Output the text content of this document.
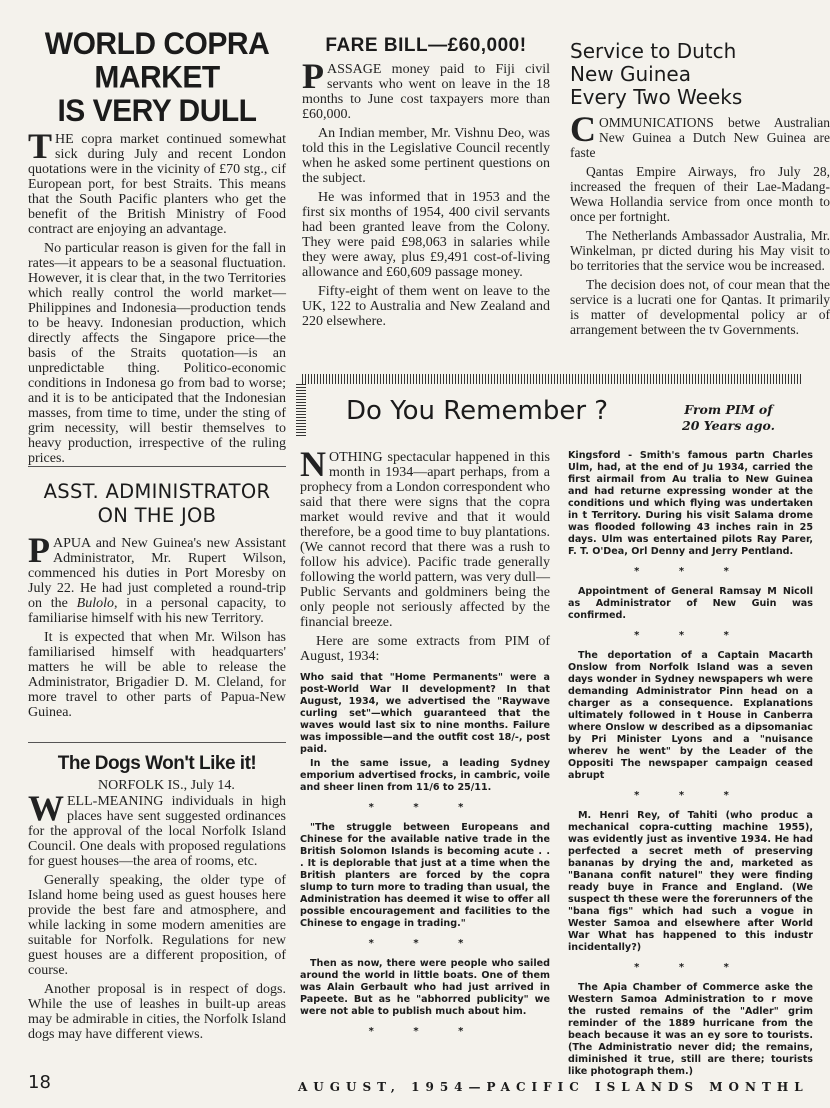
WORLD COPRA MARKET
IS VERY DULL

THE copra market continued somewhat sick during July and recent London quotations were in the vicinity of £70 stg., cif European port, for best Straits. This means that the South Pacific planters who get the benefit of the British Ministry of Food contract are enjoying an advantage.

No particular reason is given for the fall in rates—it appears to be a seasonal fluctuation. However, it is clear that, in the two Territories which really control the world market—Philippines and Indonesia—production tends to be heavy. Indonesian production, which directly affects the Singapore price—the basis of the Straits quotation—is an unpredictable thing. Politico-economic conditions in Indonesa go from bad to worse; and it is to be anticipated that the Indonesian masses, from time to time, under the sting of grim necessity, will bestir themselves to heavy production, irrespective of the ruling prices.

ASST. ADMINISTRATOR
ON THE JOB

PAPUA and New Guinea's new Assistant Administrator, Mr. Rupert Wilson, commenced his duties in Port Moresby on July 22. He had just completed a round-trip on the Bulolo, in a personal capacity, to familiarise himself with his new Territory.

It is expected that when Mr. Wilson has familiarised himself with headquarters' matters he will be able to release the Administrator, Brigadier D. M. Cleland, for more travel to other parts of Papua-New Guinea.

The Dogs Won't Like it!
NORFOLK IS., July 14.

WELL-MEANING individuals in high places have sent suggested ordinances for the approval of the local Norfolk Island Council. One deals with proposed regulations for guest houses—the area of rooms, etc.

Generally speaking, the older type of Island home being used as guest houses here provide the best fare and atmosphere, and while lacking in some modern amenities are suitable for Norfolk. Regulations for new guest houses are a different proposition, of course.

Another proposal is in respect of dogs. While the use of leashes in built-up areas may be admirable in cities, the Norfolk Island dogs may have different views.

FARE BILL—£60,000!

PASSAGE money paid to Fiji civil servants who went on leave in the 18 months to June cost taxpayers more than £60,000.

An Indian member, Mr. Vishnu Deo, was told this in the Legislative Council recently when he asked some pertinent questions on the subject.

He was informed that in 1953 and the first six months of 1954, 400 civil servants had been granted leave from the Colony. They were paid £98,063 in salaries while they were away, plus £9,491 cost-of-living allowance and £60,609 passage money.

Fifty-eight of them went on leave to the UK, 122 to Australia and New Zealand and 220 elsewhere.

Service to Dutch
New Guinea
Every Two Weeks

COMMUNICATIONS betwe Australian New Guinea a Dutch New Guinea are faste

Qantas Empire Airways, fro July 28, increased the frequen of their Lae-Madang-Wewa Hollandia service from once month to once per fortnight.

The Netherlands Ambassador Australia, Mr. Winkelman, pr dicted during his May visit to bo territories that the service wou be increased.

The decision does not, of cour mean that the service is a lucrati one for Qantas. It primarily is matter of developmental policy ar of arrangement between the tv Governments.

Do You Remember ?	From PIM of
20 Years ago.

NOTHING spectacular happened in this month in 1934—apart perhaps, from a prophecy from a London correspondent who said that there were signs that the copra market would revive and that it would therefore, be a good time to buy plantations. (We cannot record that there was a rush to follow his advice). Pacific trade generally following the world pattern, was very dull—Public Servants and goldminers being the only people not seriously affected by the financial breeze.

Here are some extracts from PIM of August, 1934:

Who said that "Home Permanents" were a post-World War II development? In that August, 1934, we advertised the "Raywave curling set"—which guaranteed that the waves would last six to nine months. Failure was impossible—and the outfit cost 18/-, post paid.

In the same issue, a leading Sydney emporium advertised frocks, in cambric, voile and sheer linen from 11/6 to 25/11.

* * *

"The struggle between Europeans and Chinese for the available native trade in the British Solomon Islands is becoming acute . . . It is deplorable that just at a time when the British planters are forced by the copra slump to turn more to trading than usual, the Administration has deemed it wise to offer all possible encouragement and facilities to the Chinese to engage in trading."

* * *

Then as now, there were people who sailed around the world in little boats. One of them was Alain Gerbault who had just arrived in Papeete. But as he "abhorred publicity" we were not able to publish much about him.

* * *

Kingsford - Smith's famous partn Charles Ulm, had, at the end of Ju 1934, carried the first airmail from Au tralia to New Guinea and had returne expressing wonder at the conditions und which flying was undertaken in t Territory. During his visit Salama drome was flooded following 43 inches rain in 25 days. Ulm was entertained pilots Ray Parer, F. T. O'Dea, Orl Denny and Jerry Pentland.

* * *

Appointment of General Ramsay M Nicoll as Administrator of New Guin was confirmed.

* * *

The deportation of a Captain Macarth Onslow from Norfolk Island was a seven days wonder in Sydney newspapers wh were demanding Administrator Pinn head on a charger as a consequence. Explanations ultimately followed in t House in Canberra where Onslow w described as a dipsomaniac by Pri Minister Lyons and a "nuisance wherev he went" by the Leader of the Oppositi The newspaper campaign ceased abrupt

* * *

M. Henri Rey, of Tahiti (who produc a mechanical copra-cutting machine 1955), was evidently just as inventive 1934. He had perfected a secret meth of preserving bananas by drying the and, marketed as "Banana confit naturel" they were finding ready buye in France and England. (We suspect th these were the forerunners of the "bana figs" which had such a vogue in Wester Samoa and elsewhere after World War What has happened to this industr incidentally?)

* * *

The Apia Chamber of Commerce aske the Western Samoa Administration to r move the rusted remains of the "Adler" grim reminder of the 1889 hurricane from the beach because it was an ey sore to tourists. (The Administratio never did; the remains, diminished it true, still are there; tourists like photograph them.)

18	AUGUST, 1954—PACIFIC ISLANDS MONTHL
